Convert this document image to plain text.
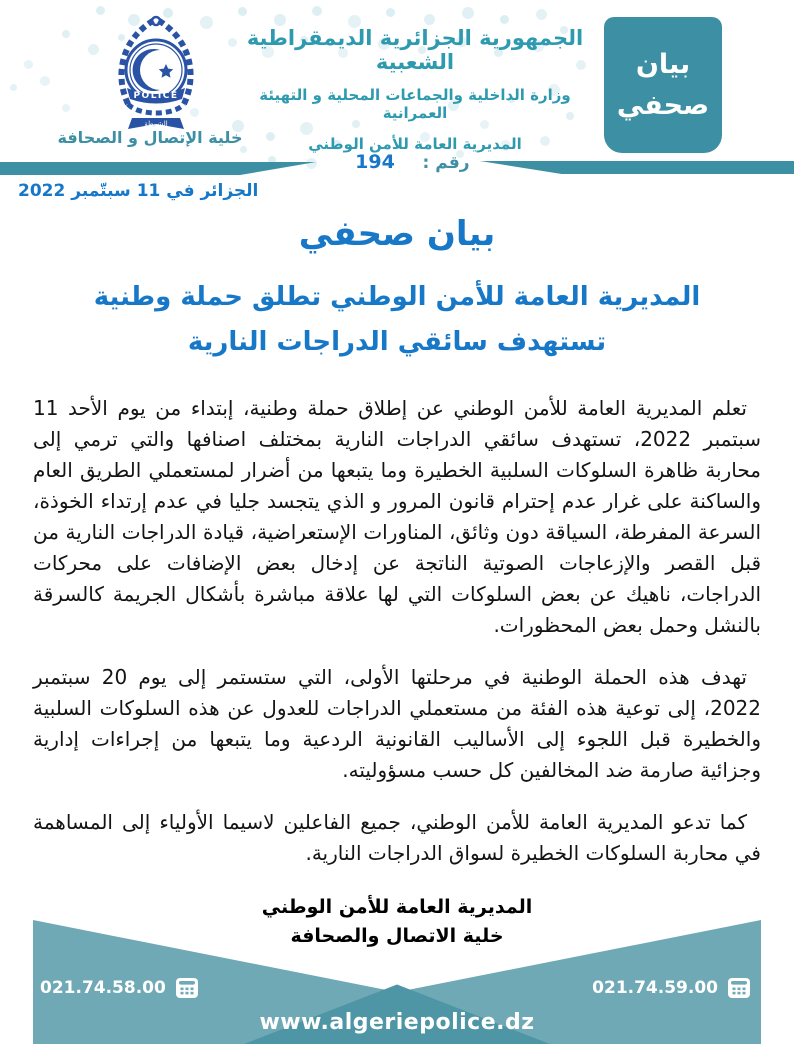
POLICE
الشرطة
الجمهورية الجزائرية الديمقراطية الشعبية
وزارة الداخلية والجماعات المحلية و التهيئة العمرانية
المديرية العامة للأمن الوطني
بيان
صحفي
خلية الإتصال و الصحافة
194	رقم :
الجزائر في 11 سبتّمبر 2022
بيان صحفي
المديرية العامة للأمن الوطني تطلق حملة وطنية
تستهدف سائقي الدراجات النارية

تعلم المديرية العامة للأمن الوطني عن إطلاق حملة وطنية، إبتداء من يوم الأحد 11 سبتمبر 2022، تستهدف سائقي الدراجات النارية بمختلف اصنافها والتي ترمي إلى محاربة ظاهرة السلوكات السلبية الخطيرة وما يتبعها من أضرار لمستعملي الطريق العام والساكنة على غرار عدم إحترام قانون المرور و الذي يتجسد جليا في عدم إرتداء الخوذة، السرعة المفرطة، السياقة دون وثائق، المناورات الإستعراضية، قيادة الدراجات النارية من قبل القصر والإزعاجات الصوتية الناتجة عن إدخال بعض الإضافات على محركات الدراجات، ناهيك عن بعض السلوكات التي لها علاقة مباشرة بأشكال الجريمة كالسرقة بالنشل وحمل بعض المحظورات.

تهدف هذه الحملة الوطنية في مرحلتها الأولى، التي ستستمر إلى يوم 20 سبتمبر 2022، إلى توعية هذه الفئة من مستعملي الدراجات للعدول عن هذه السلوكات السلبية والخطيرة قبل اللجوء إلى الأساليب القانونية الردعية وما يتبعها من إجراءات إدارية وجزائية صارمة ضد المخالفين كل حسب مسؤوليته.

كما تدعو المديرية العامة للأمن الوطني، جميع الفاعلين لاسيما الأولياء إلى المساهمة في محاربة السلوكات الخطيرة لسواق الدراجات النارية.

المديرية العامة للأمن الوطني
خلية الاتصال والصحافة
021.74.58.00	021.74.59.00
www.algeriepolice.dz
